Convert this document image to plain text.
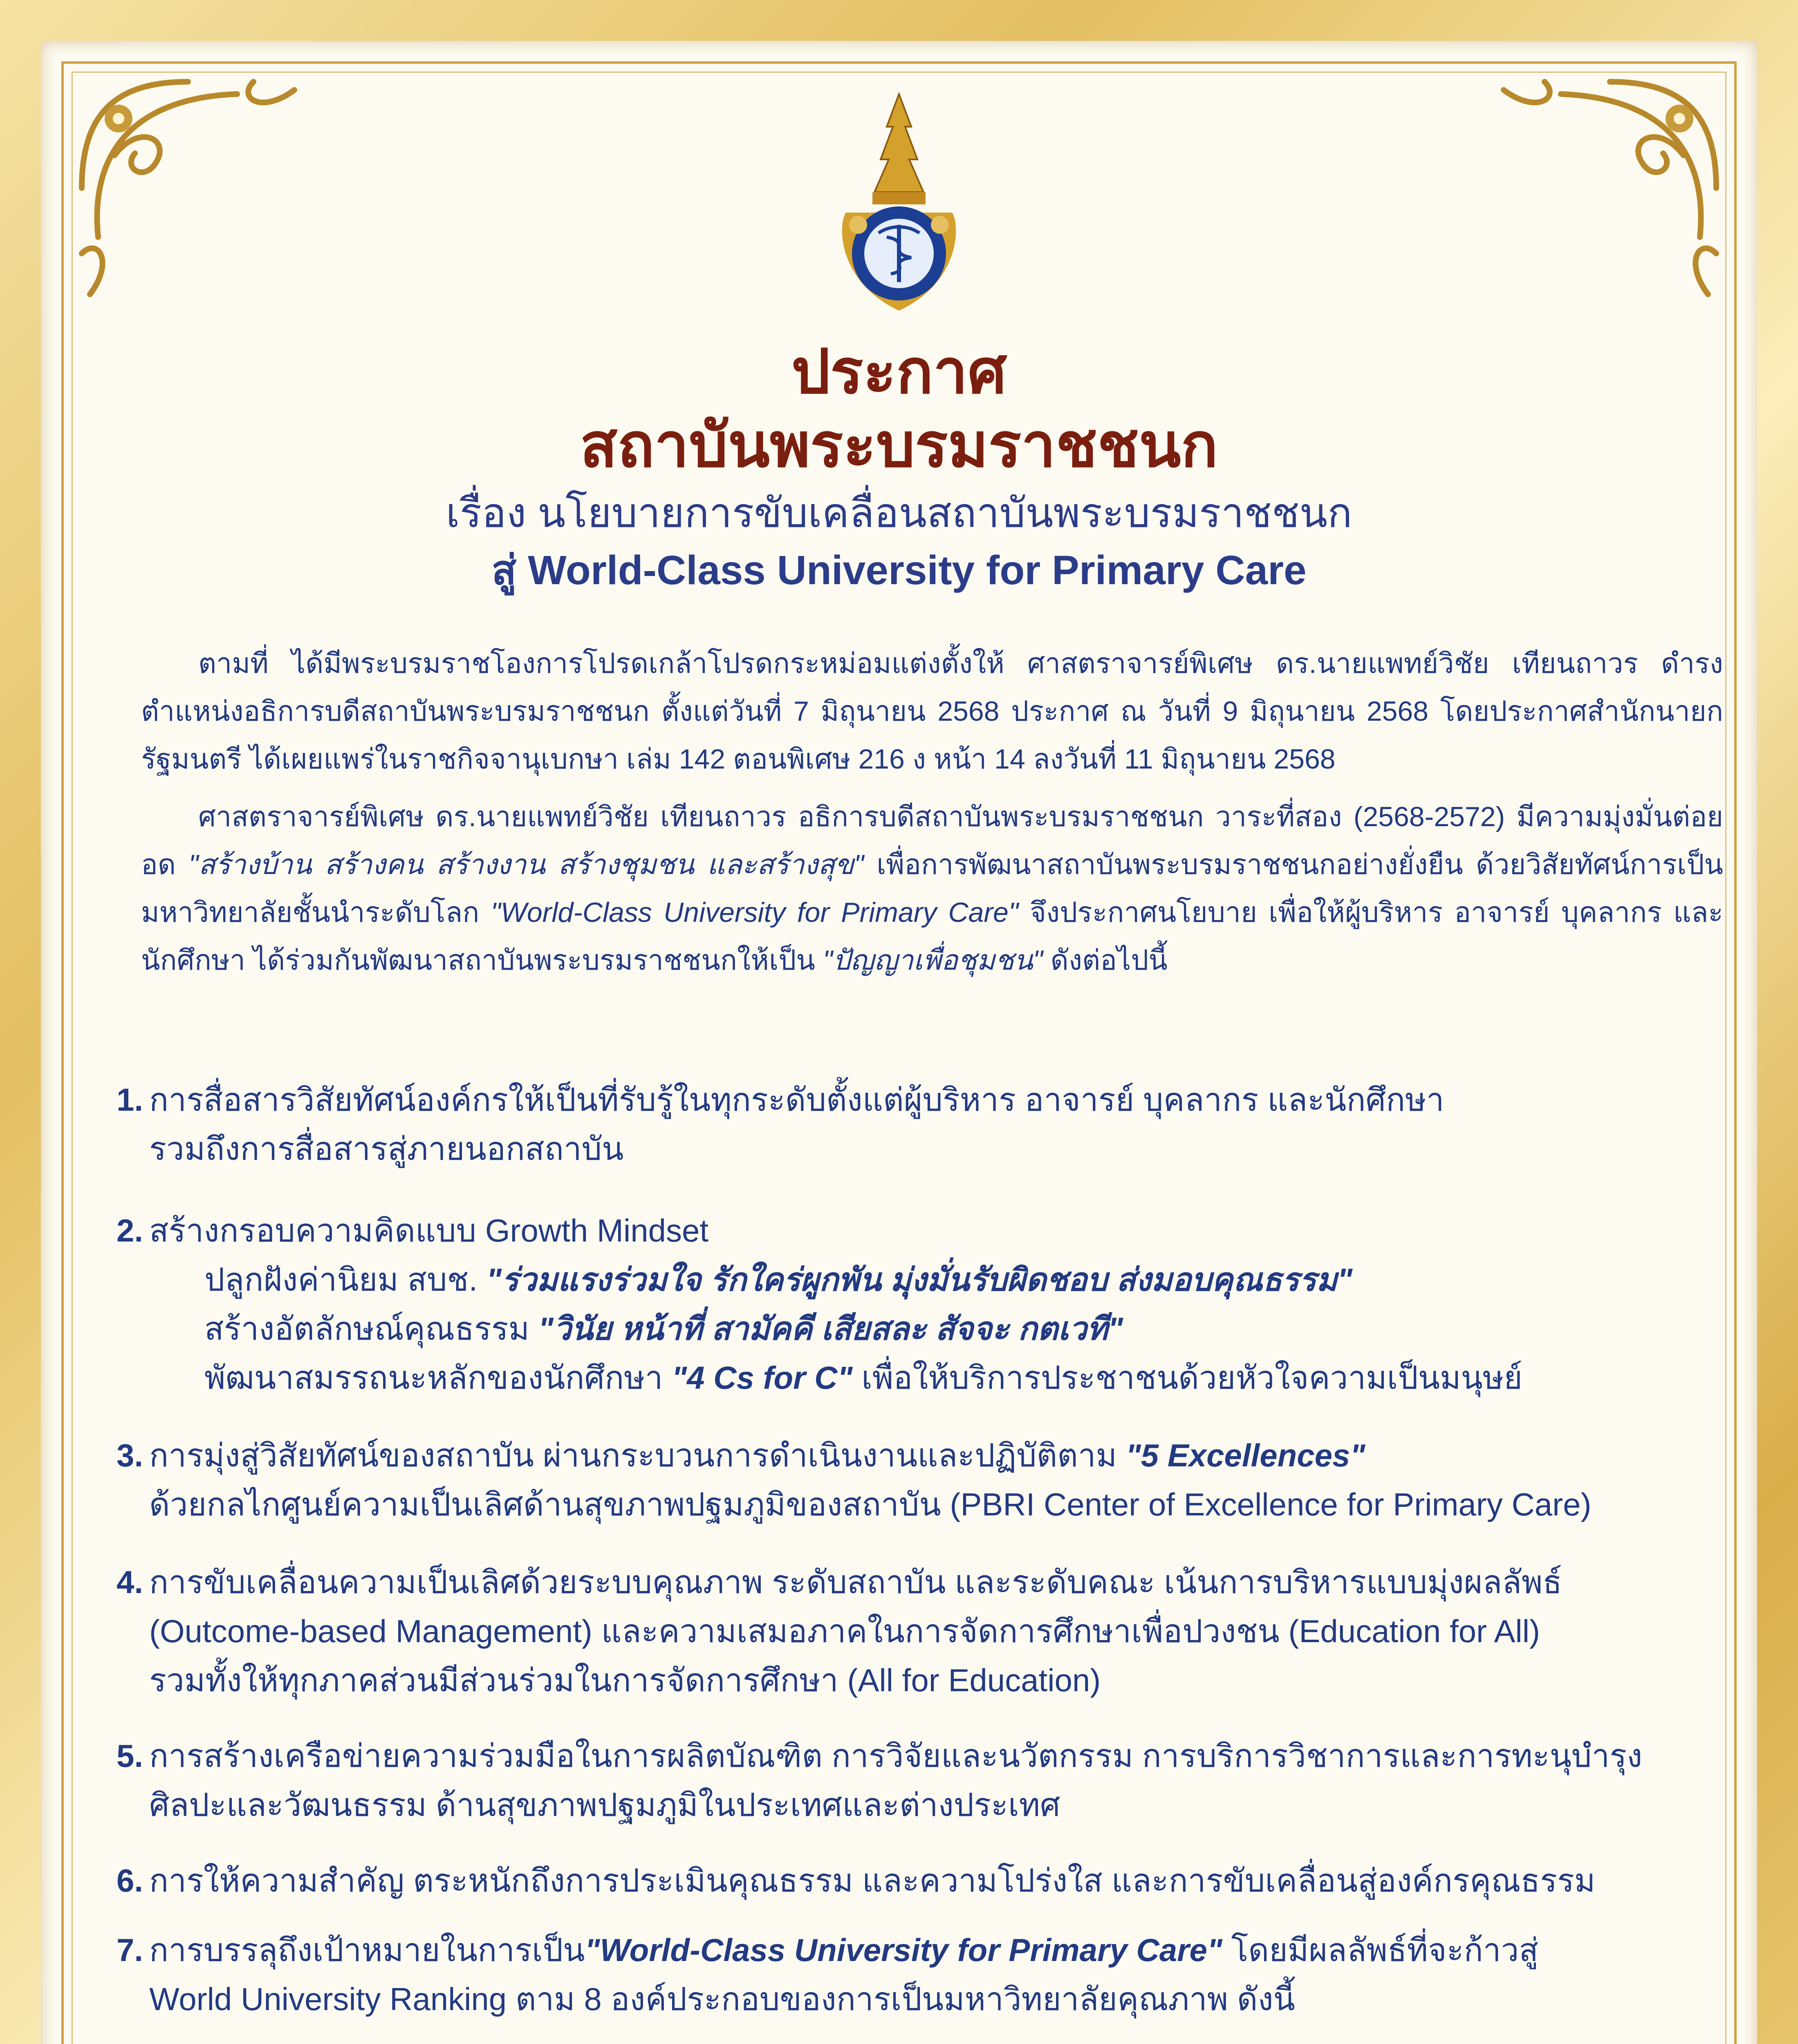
ประกาศ
สถาบันพระบรมราชชนก

เรื่อง นโยบายการขับเคลื่อนสถาบันพระบรมราชชนก

สู่ World-Class University for Primary Care

ตามที่ ได้มีพระบรมราชโองการโปรดเกล้าโปรดกระหม่อมแต่งตั้งให้ ศาสตราจารย์พิเศษ ดร.นายแพทย์วิชัย เทียนถาวร ดำรงตำแหน่งอธิการบดีสถาบันพระบรมราชชนก ตั้งแต่วันที่ 7 มิถุนายน 2568 ประกาศ ณ วันที่ 9 มิถุนายน 2568 โดยประกาศสำนักนายกรัฐมนตรี ได้เผยแพร่ในราชกิจจานุเบกษา เล่ม 142 ตอนพิเศษ 216 ง หน้า 14 ลงวันที่ 11 มิถุนายน 2568

ศาสตราจารย์พิเศษ ดร.นายแพทย์วิชัย เทียนถาวร อธิการบดีสถาบันพระบรมราชชนก วาระที่สอง (2568-2572) มีความมุ่งมั่นต่อยอด "สร้างบ้าน สร้างคน สร้างงาน สร้างชุมชน และสร้างสุข" เพื่อการพัฒนาสถาบันพระบรมราชชนกอย่างยั่งยืน ด้วยวิสัยทัศน์การเป็นมหาวิทยาลัยชั้นนำระดับโลก "World-Class University for Primary Care" จึงประกาศนโยบาย เพื่อให้ผู้บริหาร อาจารย์ บุคลากร และนักศึกษา ได้ร่วมกันพัฒนาสถาบันพระบรมราชชนกให้เป็น "ปัญญาเพื่อชุมชน" ดังต่อไปนี้

1. การสื่อสารวิสัยทัศน์องค์กรให้เป็นที่รับรู้ในทุกระดับตั้งแต่ผู้บริหาร อาจารย์ บุคลากร และนักศึกษา
รวมถึงการสื่อสารสู่ภายนอกสถาบัน
2. สร้างกรอบความคิดแบบ Growth Mindset
ปลูกฝังค่านิยม สบช. "ร่วมแรงร่วมใจ รักใคร่ผูกพัน มุ่งมั่นรับผิดชอบ ส่งมอบคุณธรรม"
สร้างอัตลักษณ์คุณธรรม "วินัย หน้าที่ สามัคคี เสียสละ สัจจะ กตเวที"
พัฒนาสมรรถนะหลักของนักศึกษา "4 Cs for C" เพื่อให้บริการประชาชนด้วยหัวใจความเป็นมนุษย์
3. การมุ่งสู่วิสัยทัศน์ของสถาบัน ผ่านกระบวนการดำเนินงานและปฏิบัติตาม "5 Excellences"
ด้วยกลไกศูนย์ความเป็นเลิศด้านสุขภาพปฐมภูมิของสถาบัน (PBRI Center of Excellence for Primary Care)
4. การขับเคลื่อนความเป็นเลิศด้วยระบบคุณภาพ ระดับสถาบัน และระดับคณะ เน้นการบริหารแบบมุ่งผลลัพธ์
(Outcome-based Management) และความเสมอภาคในการจัดการศึกษาเพื่อปวงชน (Education for All)
รวมทั้งให้ทุกภาคส่วนมีส่วนร่วมในการจัดการศึกษา (All for Education)
5. การสร้างเครือข่ายความร่วมมือในการผลิตบัณฑิต การวิจัยและนวัตกรรม การบริการวิชาการและการทะนุบำรุง
ศิลปะและวัฒนธรรม ด้านสุขภาพปฐมภูมิในประเทศและต่างประเทศ
6. การให้ความสำคัญ ตระหนักถึงการประเมินคุณธรรม และความโปร่งใส และการขับเคลื่อนสู่องค์กรคุณธรรม
7. การบรรลุถึงเป้าหมายในการเป็น"World-Class University for Primary Care" โดยมีผลลัพธ์ที่จะก้าวสู่
World University Ranking ตาม 8 องค์ประกอบของการเป็นมหาวิทยาลัยคุณภาพ ดังนี้
